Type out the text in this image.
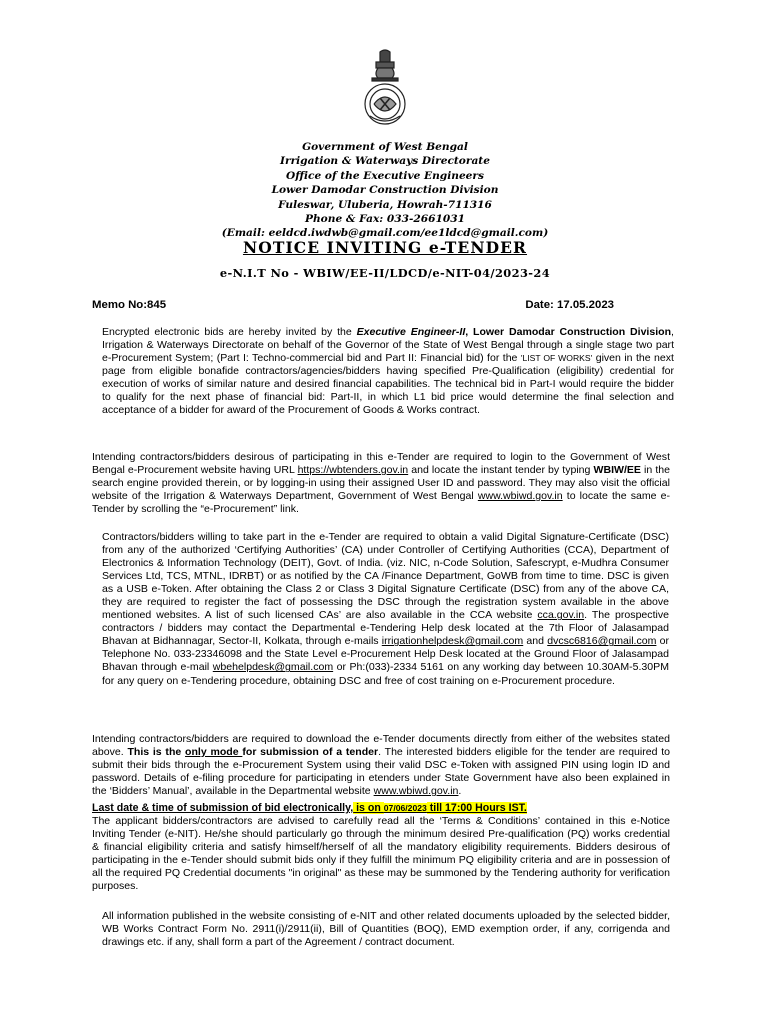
Government of West Bengal
Irrigation & Waterways Directorate
Office of the Executive Engineers
Lower Damodar Construction Division
Fuleswar, Uluberia, Howrah-711316
Phone & Fax: 033-2661031
(Email: eeldcd.iwdwb@gmail.com/ee1ldcd@gmail.com)
NOTICE INVITING e-TENDER
e-N.I.T No - WBIW/EE-II/LDCD/e-NIT-04/2023-24
Memo No:845	Date: 17.05.2023

Encrypted electronic bids are hereby invited by the Executive Engineer-II, Lower Damodar Construction Division, Irrigation & Waterways Directorate on behalf of the Governor of the State of West Bengal through a single stage two part e-Procurement System; (Part I: Techno-commercial bid and Part II: Financial bid) for the 'LIST OF WORKS' given in the next page from eligible bonafide contractors/agencies/bidders having specified Pre-Qualification (eligibility) credential for execution of works of similar nature and desired financial capabilities. The technical bid in Part-I would require the bidder to qualify for the next phase of financial bid: Part-II, in which L1 bid price would determine the final selection and acceptance of a bidder for award of the Procurement of Goods & Works contract.

Intending contractors/bidders desirous of participating in this e-Tender are required to login to the Government of West Bengal e-Procurement website having URL https://wbtenders.gov.in and locate the instant tender by typing WBIW/EE in the search engine provided therein, or by logging-in using their assigned User ID and password. They may also visit the official website of the Irrigation & Waterways Department, Government of West Bengal www.wbiwd.gov.in to locate the same e-Tender by scrolling the “e-Procurement” link.

Contractors/bidders willing to take part in the e-Tender are required to obtain a valid Digital Signature-Certificate (DSC) from any of the authorized ‘Certifying Authorities’ (CA) under Controller of Certifying Authorities (CCA), Department of Electronics & Information Technology (DEIT), Govt. of India. (viz. NIC, n-Code Solution, Safescrypt, e-Mudhra Consumer Services Ltd, TCS, MTNL, IDRBT) or as notified by the CA /Finance Department, GoWB from time to time. DSC is given as a USB e-Token. After obtaining the Class 2 or Class 3 Digital Signature Certificate (DSC) from any of the above CA, they are required to register the fact of possessing the DSC through the registration system available in the above mentioned websites. A list of such licensed CAs’ are also available in the CCA website cca.gov.in. The prospective contractors / bidders may contact the Departmental e-Tendering Help desk located at the 7th Floor of Jalasampad Bhavan at Bidhannagar, Sector-II, Kolkata, through e-mails irrigationhelpdesk@gmail.com and dvcsc6816@gmail.com or Telephone No. 033-23346098 and the State Level e-Procurement Help Desk located at the Ground Floor of Jalasampad Bhavan through e-mail wbehelpdesk@gmail.com or Ph:(033)-2334 5161 on any working day between 10.30AM-5.30PM for any query on e-Tendering procedure, obtaining DSC and free of cost training on e-Procurement procedure.

Intending contractors/bidders are required to download the e-Tender documents directly from either of the websites stated above. This is the only mode for submission of a tender. The interested bidders eligible for the tender are required to submit their bids through the e-Procurement System using their valid DSC e-Token with assigned PIN using login ID and password. Details of e-filing procedure for participating in etenders under State Government have also been explained in the ‘Bidders’ Manual’, available in the Departmental website www.wbiwd.gov.in.

Last date & time of submission of bid electronically, is on 07/06/2023 till 17:00 Hours IST.

The applicant bidders/contractors are advised to carefully read all the ‘Terms & Conditions’ contained in this e-Notice Inviting Tender (e-NIT). He/she should particularly go through the minimum desired Pre-qualification (PQ) works credential & financial eligibility criteria and satisfy himself/herself of all the mandatory eligibility requirements. Bidders desirous of participating in the e-Tender should submit bids only if they fulfill the minimum PQ eligibility criteria and are in possession of all the required PQ Credential documents "in original" as these may be summoned by the Tendering authority for verification purposes.

All information published in the website consisting of e-NIT and other related documents uploaded by the selected bidder, WB Works Contract Form No. 2911(i)/2911(ii), Bill of Quantities (BOQ), EMD exemption order, if any, corrigenda and drawings etc. if any, shall form a part of the Agreement / contract document.
